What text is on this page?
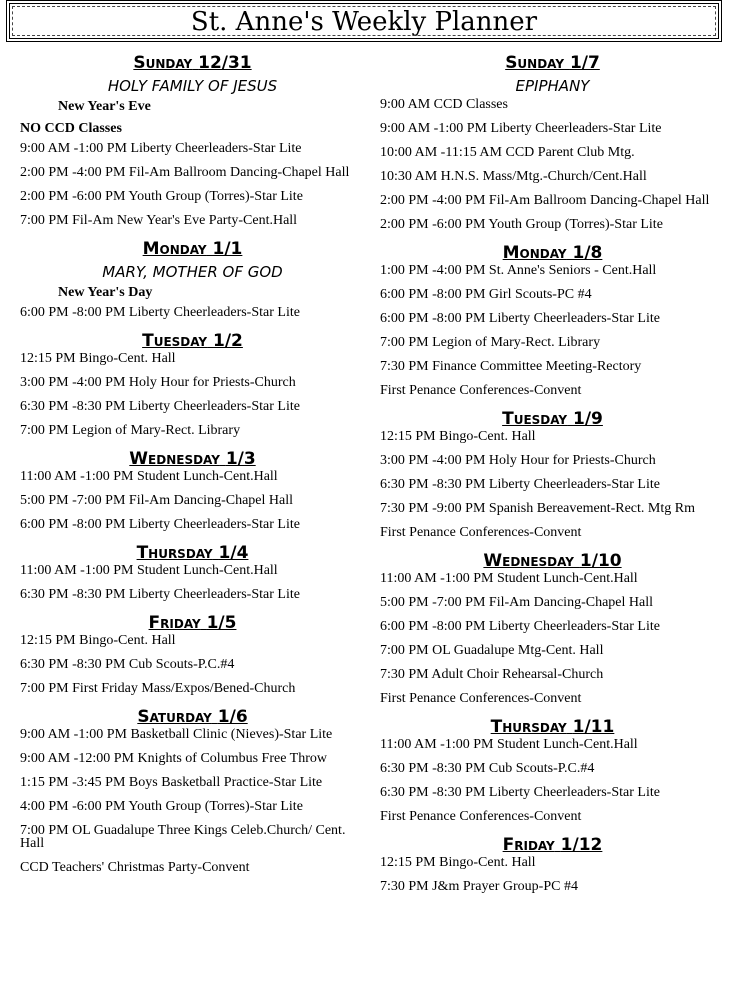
St. Anne's Weekly Planner
Sunday 12/31
HOLY FAMILY OF JESUS
New Year's Eve
NO CCD Classes
9:00 AM -1:00 PM Liberty Cheerleaders-Star Lite
2:00 PM -4:00 PM Fil-Am Ballroom Dancing-Chapel Hall
2:00 PM -6:00 PM Youth Group (Torres)-Star Lite
7:00 PM Fil-Am New Year's Eve Party-Cent.Hall
Monday 1/1
MARY, MOTHER OF GOD
New Year's Day
6:00 PM -8:00 PM Liberty Cheerleaders-Star Lite
Tuesday 1/2
12:15 PM Bingo-Cent. Hall
3:00 PM -4:00 PM Holy Hour for Priests-Church
6:30 PM -8:30 PM Liberty Cheerleaders-Star Lite
7:00 PM Legion of Mary-Rect. Library
Wednesday 1/3
11:00 AM -1:00 PM Student Lunch-Cent.Hall
5:00 PM -7:00 PM Fil-Am Dancing-Chapel Hall
6:00 PM -8:00 PM Liberty Cheerleaders-Star Lite
Thursday 1/4
11:00 AM -1:00 PM Student Lunch-Cent.Hall
6:30 PM -8:30 PM Liberty Cheerleaders-Star Lite
Friday 1/5
12:15 PM Bingo-Cent. Hall
6:30 PM -8:30 PM Cub Scouts-P.C.#4
7:00 PM First Friday Mass/Expos/Bened-Church
Saturday 1/6
9:00 AM -1:00 PM Basketball Clinic (Nieves)-Star Lite
9:00 AM -12:00 PM Knights of Columbus Free Throw
1:15 PM -3:45 PM Boys Basketball Practice-Star Lite
4:00 PM -6:00 PM Youth Group (Torres)-Star Lite
7:00 PM OL Guadalupe Three Kings Celeb.Church/ Cent. Hall
CCD Teachers' Christmas Party-Convent
Sunday 1/7
EPIPHANY
9:00 AM CCD Classes
9:00 AM -1:00 PM Liberty Cheerleaders-Star Lite
10:00 AM -11:15 AM CCD Parent Club Mtg.
10:30 AM H.N.S. Mass/Mtg.-Church/Cent.Hall
2:00 PM -4:00 PM Fil-Am Ballroom Dancing-Chapel Hall
2:00 PM -6:00 PM Youth Group (Torres)-Star Lite
Monday 1/8
1:00 PM -4:00 PM St. Anne's Seniors - Cent.Hall
6:00 PM -8:00 PM Girl Scouts-PC #4
6:00 PM -8:00 PM Liberty Cheerleaders-Star Lite
7:00 PM Legion of Mary-Rect. Library
7:30 PM Finance Committee Meeting-Rectory
First Penance Conferences-Convent
Tuesday 1/9
12:15 PM Bingo-Cent. Hall
3:00 PM -4:00 PM Holy Hour for Priests-Church
6:30 PM -8:30 PM Liberty Cheerleaders-Star Lite
7:30 PM -9:00 PM Spanish Bereavement-Rect. Mtg Rm
First Penance Conferences-Convent
Wednesday 1/10
11:00 AM -1:00 PM Student Lunch-Cent.Hall
5:00 PM -7:00 PM Fil-Am Dancing-Chapel Hall
6:00 PM -8:00 PM Liberty Cheerleaders-Star Lite
7:00 PM OL Guadalupe Mtg-Cent. Hall
7:30 PM Adult Choir Rehearsal-Church
First Penance Conferences-Convent
Thursday 1/11
11:00 AM -1:00 PM Student Lunch-Cent.Hall
6:30 PM -8:30 PM Cub Scouts-P.C.#4
6:30 PM -8:30 PM Liberty Cheerleaders-Star Lite
First Penance Conferences-Convent
Friday 1/12
12:15 PM Bingo-Cent. Hall
7:30 PM J&m Prayer Group-PC #4
